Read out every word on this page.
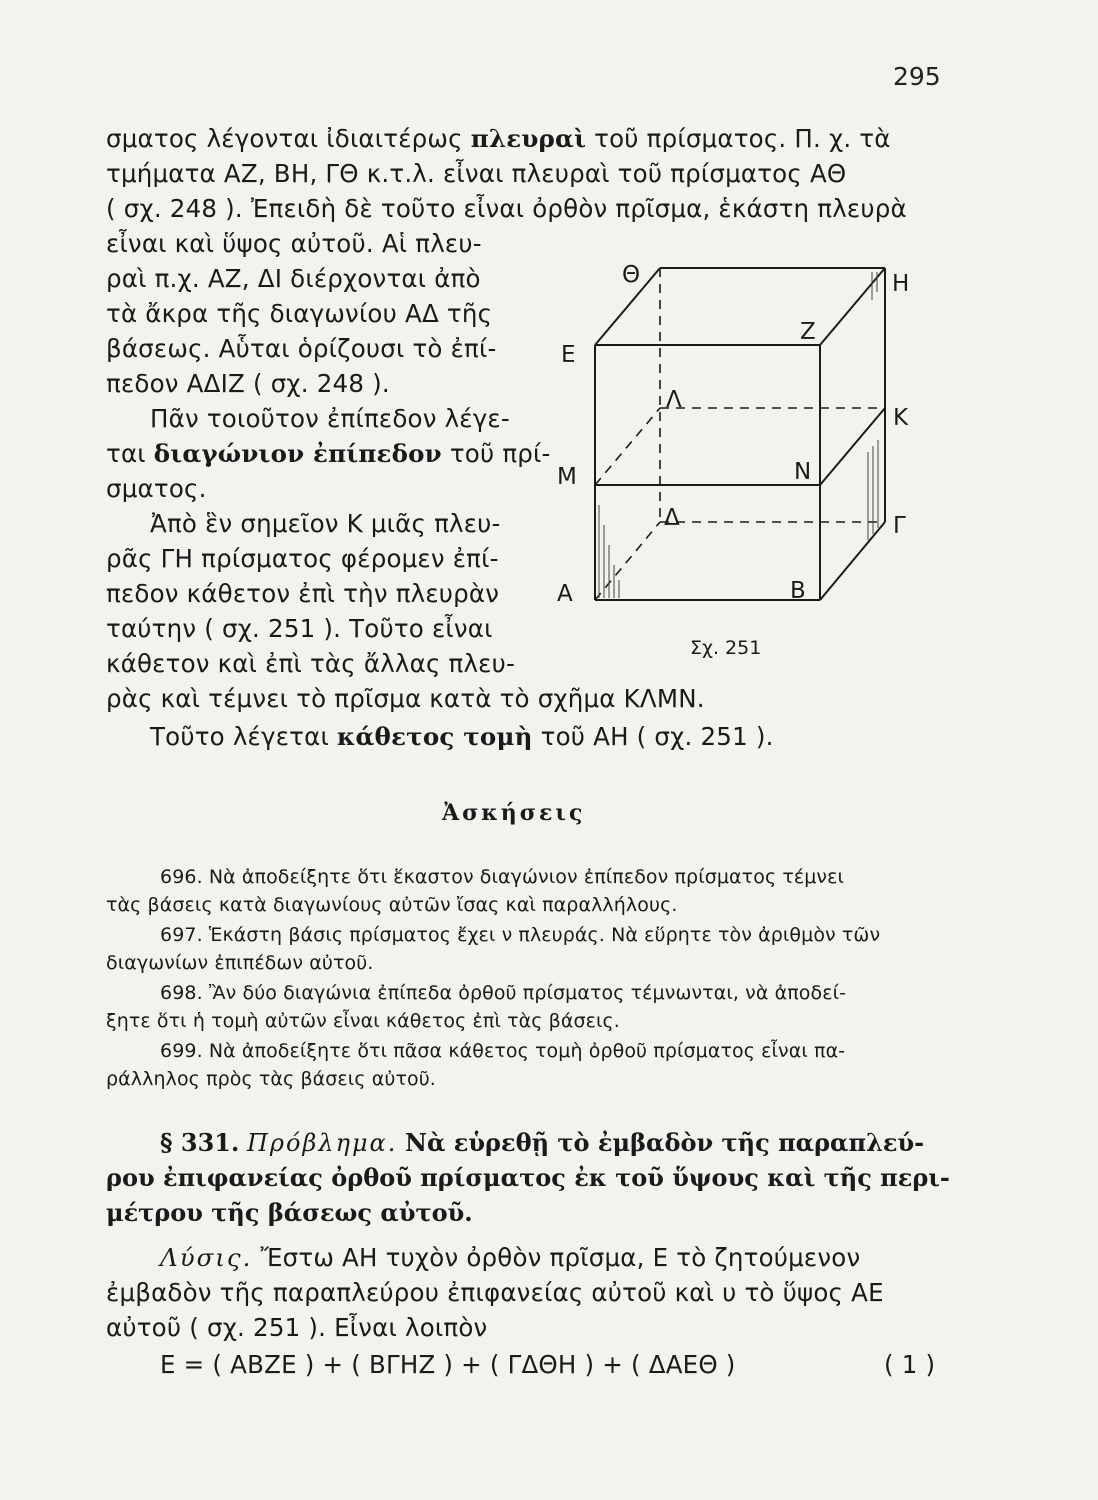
295
σματος λέγονται ἰδιαιτέρως πλευραὶ τοῦ πρίσματος. Π. χ. τὰ
τμήματα ΑΖ, ΒΗ, ΓΘ κ.τ.λ. εἶναι πλευραὶ τοῦ πρίσματος ΑΘ
( σχ. 248 ). Ἐπειδὴ δὲ τοῦτο εἶναι ὀρθὸν πρῖσμα, ἑκάστη πλευρὰ
εἶναι καὶ ὕψος αὐτοῦ. Αἱ πλευ-
ραὶ π.χ. ΑΖ, ΔΙ διέρχονται ἀπὸ
τὰ ἄκρα τῆς διαγωνίου ΑΔ τῆς
βάσεως. Αὗται ὁρίζουσι τὸ ἐπί-
πεδον ΑΔΙΖ ( σχ. 248 ).
Πᾶν τοιοῦτον ἐπίπεδον λέγε-
ται διαγώνιον ἐπίπεδον τοῦ πρί-
σματος.
Ἀπὸ ἓν σημεῖον Κ μιᾶς πλευ-
ρᾶς ΓΗ πρίσματος φέρομεν ἐπί-
πεδον κάθετον ἐπὶ τὴν πλευρὰν
ταύτην ( σχ. 251 ). Τοῦτο εἶναι
κάθετον καὶ ἐπὶ τὰς ἄλλας πλευ-
ρὰς καὶ τέμνει τὸ πρῖσμα κατὰ τὸ σχῆμα ΚΛΜΝ.
Τοῦτο λέγεται κάθετος τομὴ τοῦ ΑΗ ( σχ. 251 ).
Θ	Η
Ζ
Ε
Λ
Κ
Μ	Ν
Δ	Γ
Α	Β
Σχ. 251
Ἀσκήσεις
696. Νὰ ἀποδείξητε ὅτι ἕκαστον διαγώνιον ἐπίπεδον πρίσματος τέμνει
τὰς βάσεις κατὰ διαγωνίους αὐτῶν ἴσας καὶ παραλλήλους.
697. Ἑκάστη βάσις πρίσματος ἔχει ν πλευράς. Νὰ εὕρητε τὸν ἀριθμὸν τῶν
διαγωνίων ἐπιπέδων αὐτοῦ.
698. Ἂν δύο διαγώνια ἐπίπεδα ὀρθοῦ πρίσματος τέμνωνται, νὰ ἀποδεί-
ξητε ὅτι ἡ τομὴ αὐτῶν εἶναι κάθετος ἐπὶ τὰς βάσεις.
699. Νὰ ἀποδείξητε ὅτι πᾶσα κάθετος τομὴ ὀρθοῦ πρίσματος εἶναι πα-
ράλληλος πρὸς τὰς βάσεις αὐτοῦ.
§ 331. Πρόβλημα. Νὰ εὑρεθῇ τὸ ἐμβαδὸν τῆς παραπλεύ-
ρου ἐπιφανείας ὀρθοῦ πρίσματος ἐκ τοῦ ὕψους καὶ τῆς περι-
μέτρου τῆς βάσεως αὐτοῦ.
Λύσις. Ἔστω ΑΗ τυχὸν ὀρθὸν πρῖσμα, Ε τὸ ζητούμενον
ἐμβαδὸν τῆς παραπλεύρου ἐπιφανείας αὐτοῦ καὶ υ τὸ ὕψος ΑΕ
αὐτοῦ ( σχ. 251 ). Εἶναι λοιπὸν
Ε = ( ΑΒΖΕ ) + ( ΒΓΗΖ ) + ( ΓΔΘΗ ) + ( ΔΑΕΘ )	( 1 )
